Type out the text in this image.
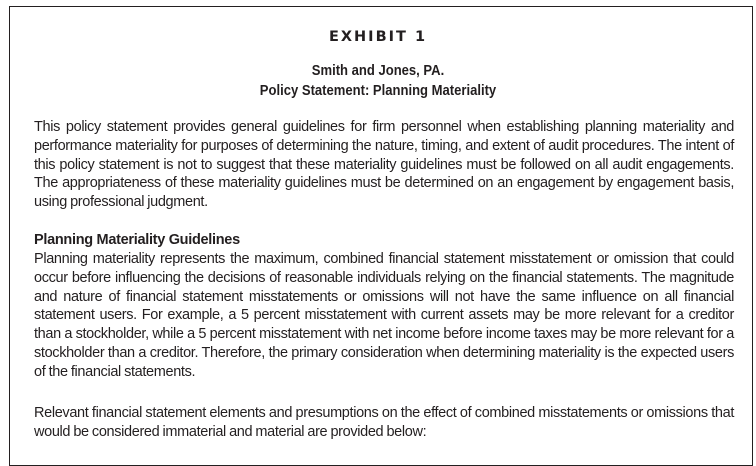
EXHIBIT 1
Smith and Jones, PA.
Policy Statement: Planning Materiality
This policy statement provides general guidelines for firm personnel when establishing planning materiality and performance materiality for purposes of determining the nature, timing, and extent of audit procedures. The intent of this policy statement is not to suggest that these materiality guidelines must be followed on all audit engagements. The appropriateness of these materiality guidelines must be determined on an engagement by engagement basis, using professional judgment.
Planning Materiality Guidelines
Planning materiality represents the maximum, combined financial statement misstatement or omission that could occur before influencing the decisions of reasonable individuals relying on the financial statements. The magnitude and nature of financial statement misstatements or omissions will not have the same influence on all financial statement users. For example, a 5 percent misstatement with current assets may be more relevant for a creditor than a stockholder, while a 5 percent misstatement with net income before income taxes may be more relevant for a stockholder than a creditor. Therefore, the primary consideration when determining materiality is the expected users of the financial statements.
Relevant financial statement elements and presumptions on the effect of combined misstatements or omissions that would be considered immaterial and material are provided below:
